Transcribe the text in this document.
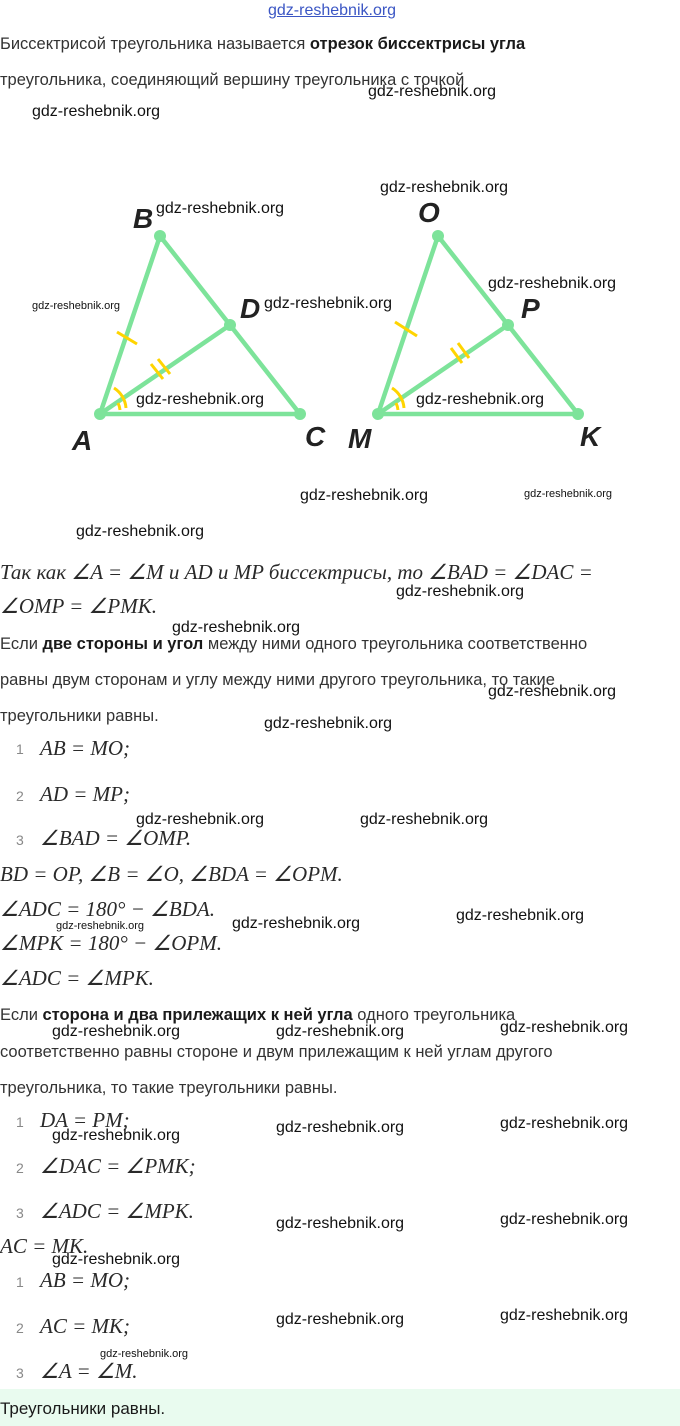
gdz-reshebnik.org
Биссектрисой треугольника называется отрезок биссектрисы угла
треугольника, соединяющий вершину треугольника с точкой
B
D
A	C
O
P
M	K
Так как ∠A = ∠M и AD и MP биссектрисы, то ∠BAD = ∠DAC =
∠OMP = ∠PMK.
Если две стороны и угол между ними одного треугольника соответственно
равны двум сторонам и углу между ними другого треугольника, то такие
треугольники равны.
1 AB = MO;
2 AD = MP;
3 ∠BAD = ∠OMP.
BD = OP, ∠B = ∠O, ∠BDA = ∠OPM.
∠ADC = 180° − ∠BDA.
∠MPK = 180° − ∠OPM.
∠ADC = ∠MPK.
Если сторона и два прилежащих к ней угла одного треугольника
соответственно равны стороне и двум прилежащим к ней углам другого
треугольника, то такие треугольники равны.
1 DA = PM;
2 ∠DAC = ∠PMK;
3 ∠ADC = ∠MPK.
AC = MK.
1 AB = MO;
2 AC = MK;
3 ∠A = ∠M.
Треугольники равны.
gdz-reshebnik.org
gdz-reshebnik.org
gdz-reshebnik.org
gdz-reshebnik.org
gdz-reshebnik.org
gdz-reshebnik.org	gdz-reshebnik.org
gdz-reshebnik.org	gdz-reshebnik.org
gdz-reshebnik.org	gdz-reshebnik.org
gdz-reshebnik.org
gdz-reshebnik.org
gdz-reshebnik.org
gdz-reshebnik.org
gdz-reshebnik.org
gdz-reshebnik.org	gdz-reshebnik.org
gdz-reshebnik.org
gdz-reshebnik.org
gdz-reshebnik.org
gdz-reshebnik.org
gdz-reshebnik.org	gdz-reshebnik.org
gdz-reshebnik.org	gdz-reshebnik.org
gdz-reshebnik.org
gdz-reshebnik.org	gdz-reshebnik.org
gdz-reshebnik.org
gdz-reshebnik.org	gdz-reshebnik.org
gdz-reshebnik.org
